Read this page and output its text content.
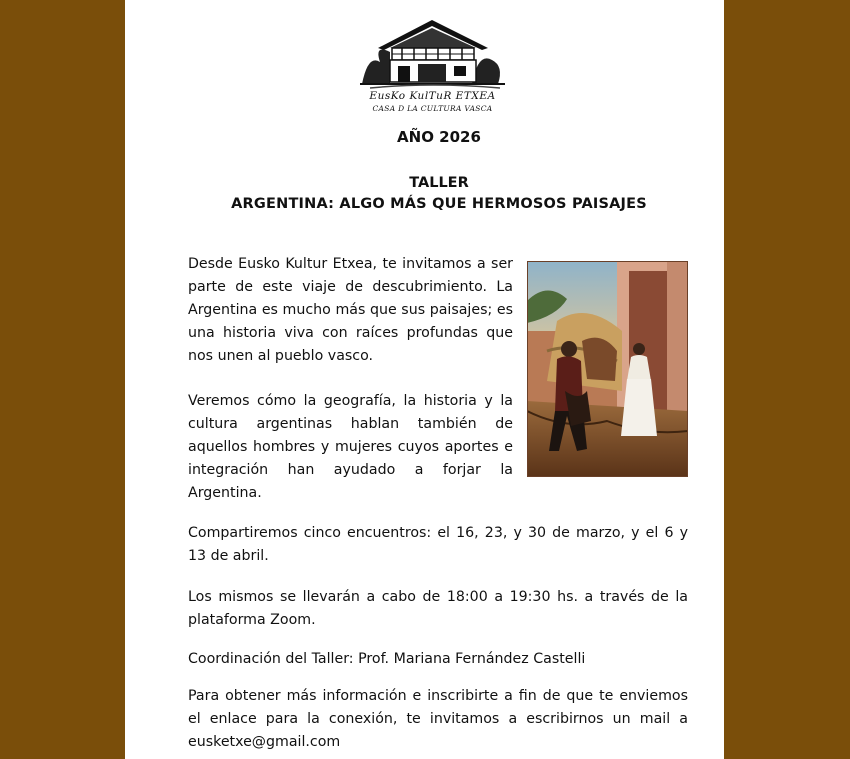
EusKo KulTuR ETXEA
CASA D LA CULTURA VASCA
AÑO 2026
TALLER
ARGENTINA: ALGO MÁS QUE HERMOSOS PAISAJES

Desde Eusko Kultur Etxea, te invitamos a ser parte de este viaje de descubrimiento. La Argentina es mucho más que sus paisajes; es una historia viva con raíces profundas que nos unen al pueblo vasco.

Veremos cómo la geografía, la historia y la cultura argentinas hablan también de aquellos hombres y mujeres cuyos aportes e integración han ayudado a forjar la Argentina.

Compartiremos cinco encuentros: el 16, 23, y 30 de marzo, y el 6 y 13 de abril.

Los mismos se llevarán a cabo de 18:00 a 19:30 hs. a través de la plataforma Zoom.

Coordinación del Taller: Prof. Mariana Fernández Castelli

Para obtener más información e inscribirte a fin de que te enviemos el enlace para la conexión, te invitamos a escribirnos un mail a eusketxe@gmail.com
